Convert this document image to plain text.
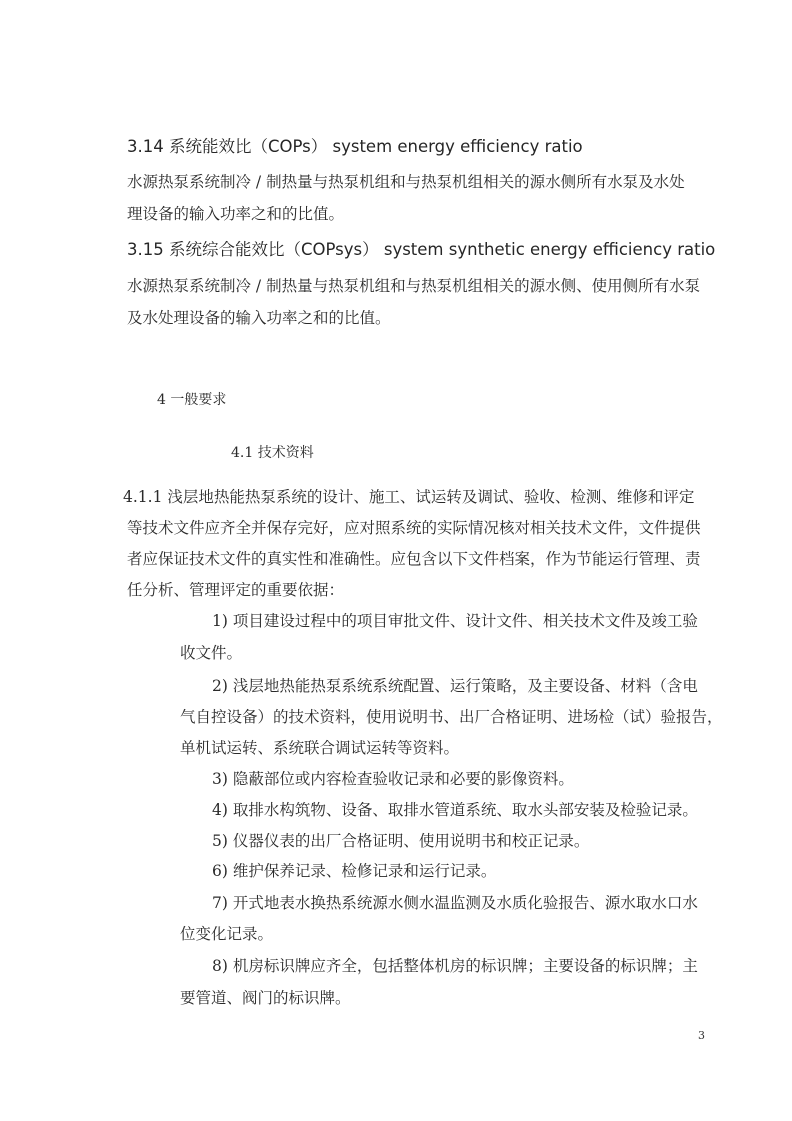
3.14 系统能效比（COPs） system energy efficiency ratio
水源热泵系统制冷 / 制热量与热泵机组和与热泵机组相关的源水侧所有水泵及水处
理设备的输入功率之和的比值。
3.15 系统综合能效比（COPsys） system synthetic energy efficiency ratio
水源热泵系统制冷 / 制热量与热泵机组和与热泵机组相关的源水侧、使用侧所有水泵
及水处理设备的输入功率之和的比值。
4 一般要求
4.1 技术资料
4.1.1 浅层地热能热泵系统的设计、施工、试运转及调试、验收、检测、维修和评定
等技术文件应齐全并保存完好，应对照系统的实际情况核对相关技术文件，文件提供
者应保证技术文件的真实性和准确性。应包含以下文件档案，作为节能运行管理、责
任分析、管理评定的重要依据：
1) 项目建设过程中的项目审批文件、设计文件、相关技术文件及竣工验
收文件。
2) 浅层地热能热泵系统系统配置、运行策略，及主要设备、材料（含电
气自控设备）的技术资料，使用说明书、出厂合格证明、进场检（试）验报告，
单机试运转、系统联合调试运转等资料。
3) 隐蔽部位或内容检查验收记录和必要的影像资料。
4) 取排水构筑物、设备、取排水管道系统、取水头部安装及检验记录。
5) 仪器仪表的出厂合格证明、使用说明书和校正记录。
6) 维护保养记录、检修记录和运行记录。
7) 开式地表水换热系统源水侧水温监测及水质化验报告、源水取水口水
位变化记录。
8) 机房标识牌应齐全，包括整体机房的标识牌；主要设备的标识牌；主
要管道、阀门的标识牌。
3
